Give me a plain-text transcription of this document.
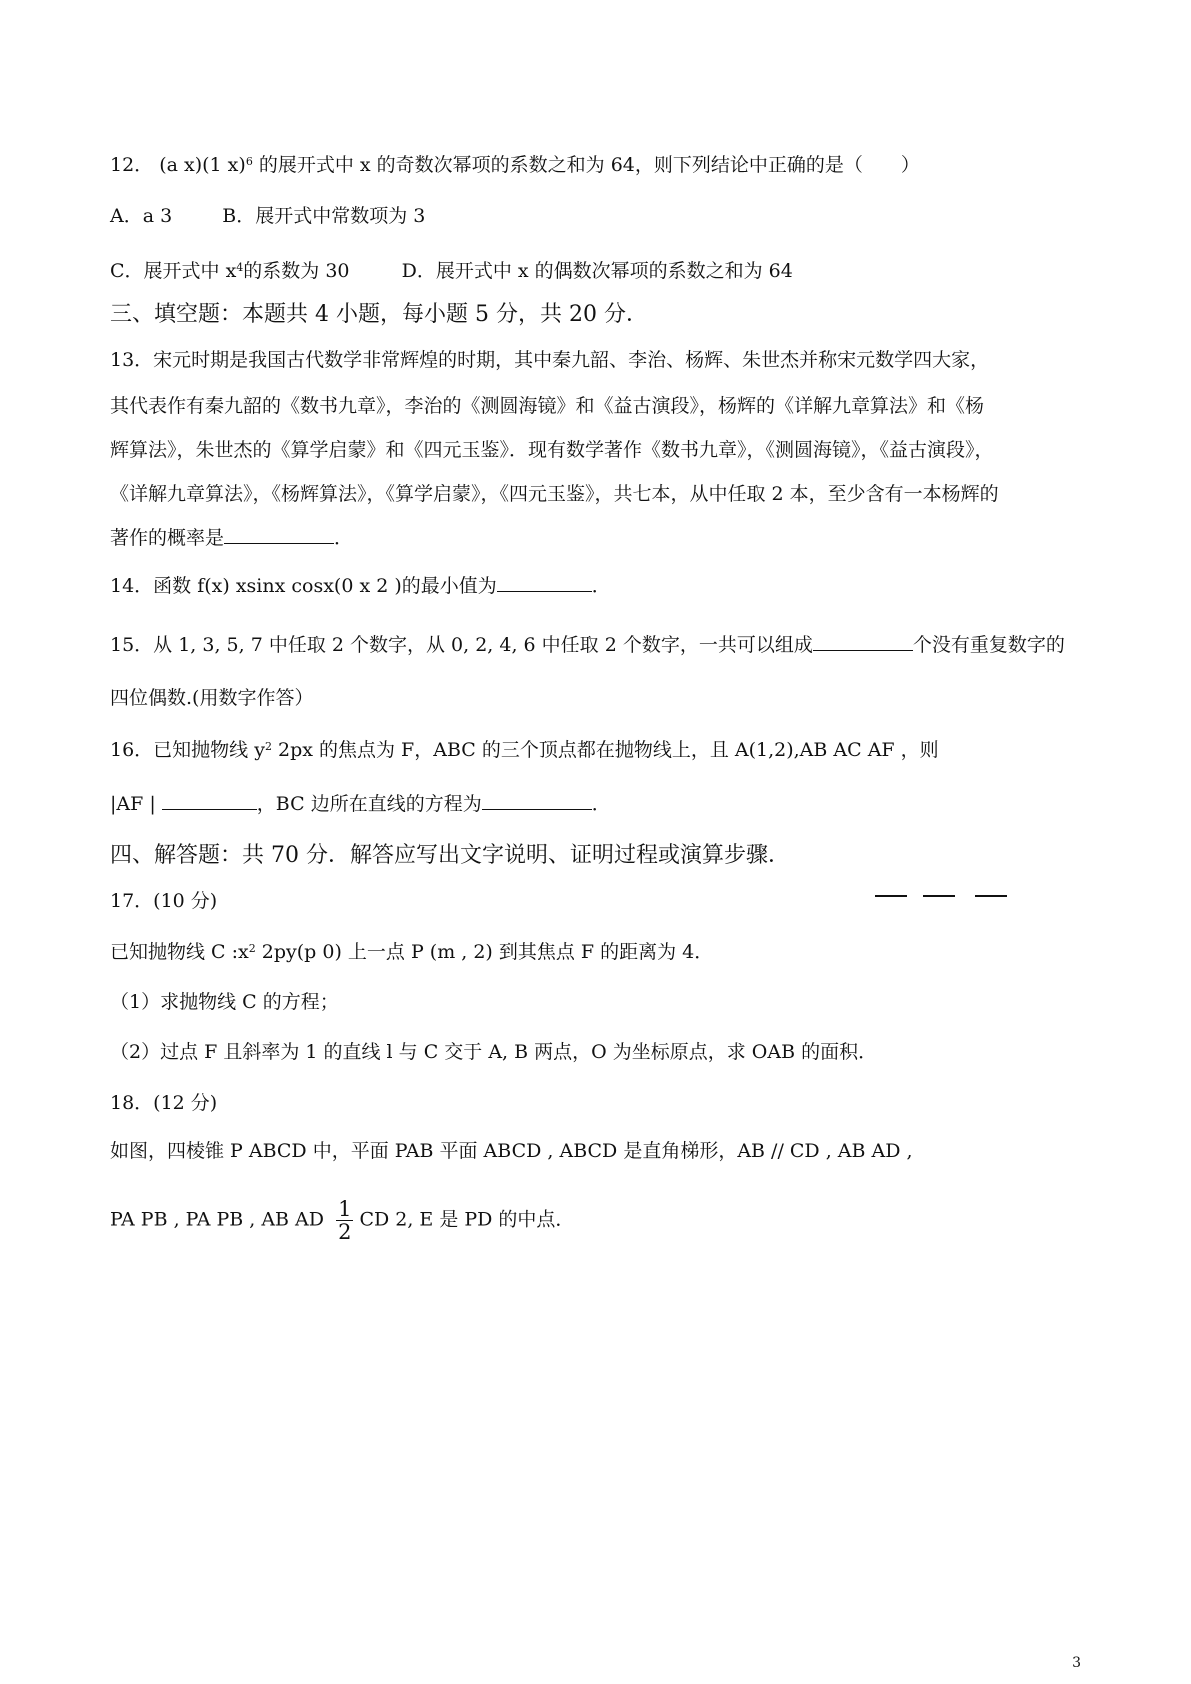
12． (a x)(1 x)$^6$ 的展开式中 x 的奇数次幂项的系数之和为 64，则下列结论中正确的是（　　）
A．a 3	B．展开式中常数项为 3
C．展开式中 $x^4$的系数为 30	D．展开式中 x 的偶数次幂项的系数之和为 64
三、填空题：本题共 4 小题，每小题 5 分，共 20 分．
13．宋元时期是我国古代数学非常辉煌的时期，其中秦九韶、李治、杨辉、朱世杰并称宋元数学四大家，
其代表作有秦九韶的《数书九章》，李治的《测圆海镜》和《益古演段》，杨辉的《详解九章算法》和《杨
辉算法》，朱世杰的《算学启蒙》和《四元玉鉴》．现有数学著作《数书九章》，《测圆海镜》，《益古演段》，
《详解九章算法》，《杨辉算法》，《算学启蒙》，《四元玉鉴》，共七本，从中任取 2 本，至少含有一本杨辉的
著作的概率是	．
14．函数 f(x) xsinx cosx(0 x 2 )的最小值为	．
15．从 1, 3, 5, 7 中任取 2 个数字，从 0, 2, 4, 6 中任取 2 个数字，一共可以组成	个没有重复数字的
四位偶数.(用数字作答）
16．已知抛物线 $y^2$ 2px 的焦点为 F，ABC 的三个顶点都在抛物线上，且 A(1,2),AB AC AF ，则
|AF |	，BC 边所在直线的方程为	．
四、解答题：共 70 分．解答应写出文字说明、证明过程或演算步骤．
17．(10 分)
已知抛物线 C $:x^2$ 2py(p 0) 上一点 P (m , 2) 到其焦点 F 的距离为 4．
（1）求抛物线 C 的方程；
（2）过点 F 且斜率为 1 的直线 l 与 C 交于 A, B 两点，O 为坐标原点，求 OAB 的面积．
18．(12 分)
如图，四棱锥 P ABCD 中，平面 PAB 平面 ABCD , ABCD 是直角梯形，AB // CD , AB AD ,
PA PB , PA PB , AB AD $\frac{1}{2}$ CD 2, E 是 PD 的中点．
3
